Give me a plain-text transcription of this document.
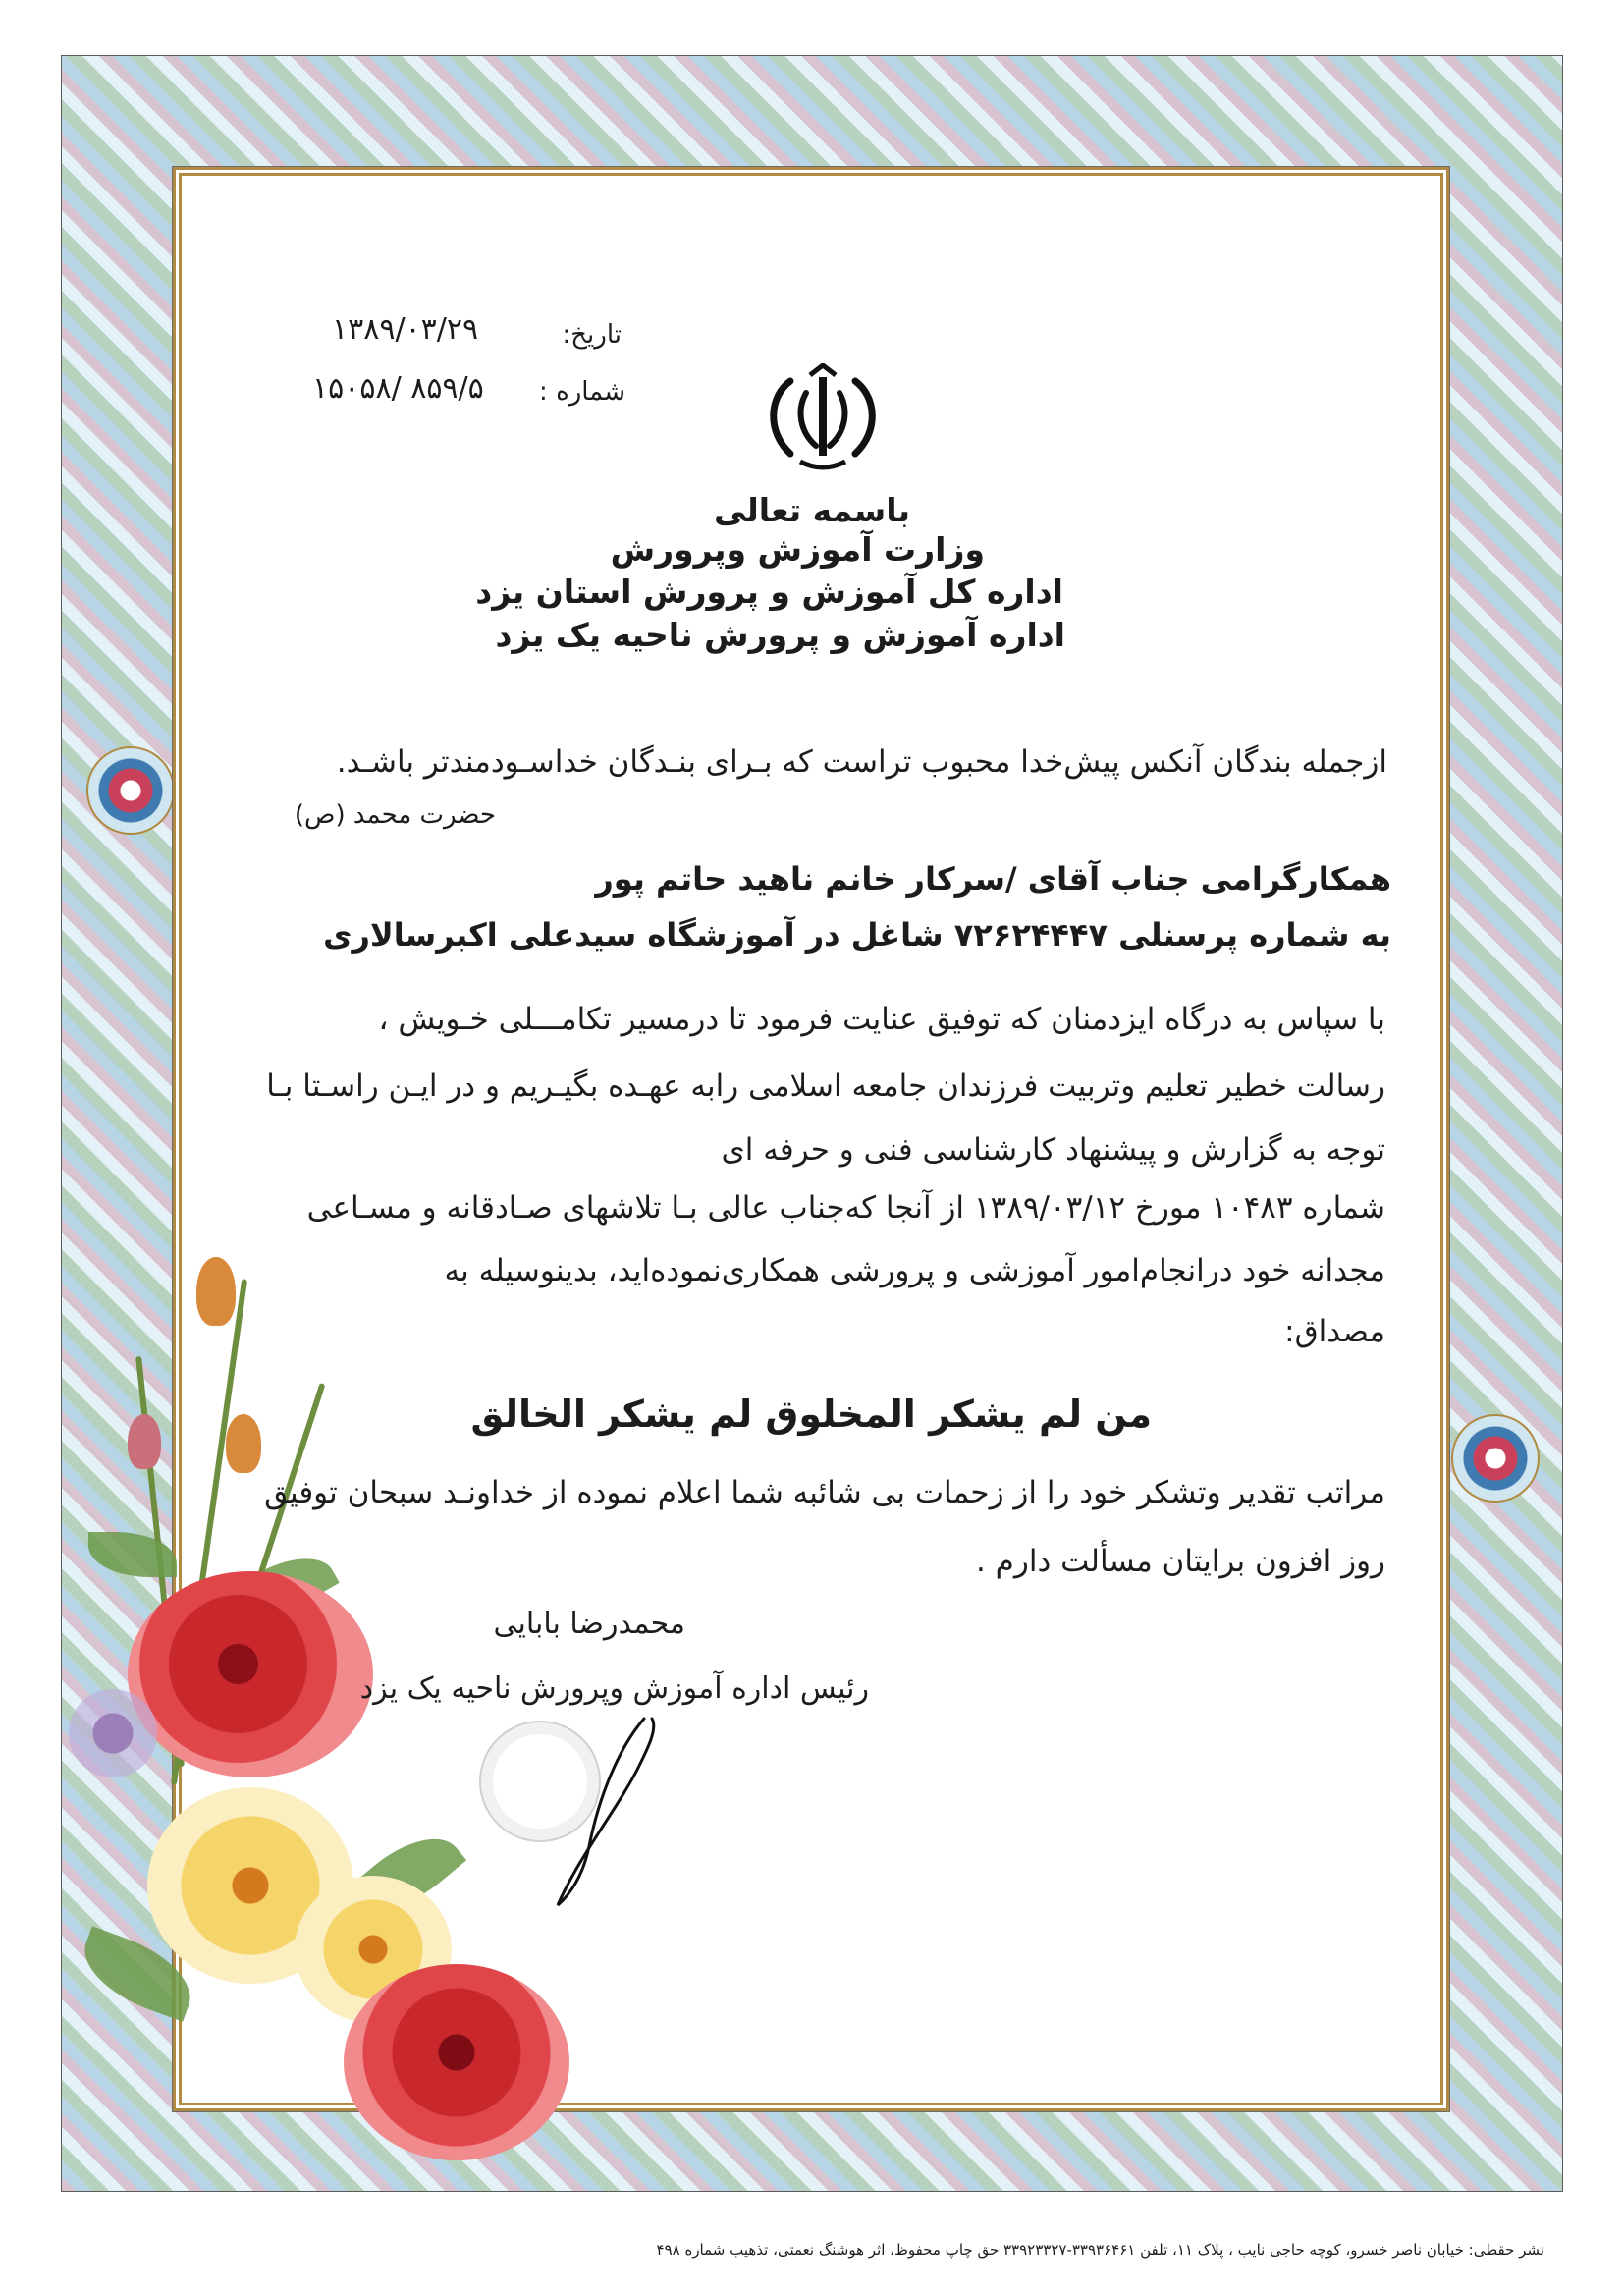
تاریخ:
۱۳۸۹/۰۳/۲۹
شماره :
۱۵۰۵۸/ ۸۵۹/۵
باسمه تعالی
وزارت آموزش وپرورش
اداره کل آموزش و پرورش استان یزد
اداره آموزش و پرورش ناحیه یک یزد
ازجمله بندگان آنکس پیش‌خدا محبوب تراست که بـرای بنـدگان خداسـودمندتر باشـد.
حضرت محمد (ص)
همکارگرامی جناب آقای /سرکار خانم ناهید حاتم پور
به شماره پرسنلی ۷۲۶۲۴۴۴۷ شاغل در آموزشگاه سیدعلی اکبرسالاری
با سپاس به درگاه ایزدمنان که توفیق عنایت فرمود تا درمسیر تکامـــلی خـویش ،
رسالت خطیر تعلیم وتربیت فرزندان جامعه اسلامی رابه عهـده بگیـریم و در ایـن راسـتا بـا
توجه به گزارش و پیشنهاد کارشناسی فنی و حرفه ای
شماره ۱۰۴۸۳ مورخ ۱۳۸۹/۰۳/۱۲ از آنجا که‌جناب عالی بـا تلاشهای صـادقانه و مسـاعی
مجدانه خود درانجام‌امور آموزشی و پرورشی همکاری‌نموده‌اید، بدینوسیله به
مصداق:
من لم یشکر المخلوق لم یشکر الخالق
مراتب تقدیر وتشکر خود را از زحمات بی شائبه شما اعلام نموده از خداونـد سبحان توفیق
روز افزون برایتان مسألت دارم .
محمدرضا بابایی
رئیس اداره آموزش وپرورش ناحیه یک یزد
نشر حقطی: خیابان ناصر خسرو، کوچه حاجی نایب ، پلاک ۱۱، تلفن ۳۳۹۳۶۴۶۱-۳۳۹۲۳۳۲۷ حق چاپ محفوظ، اثر هوشنگ نعمتی، تذهیب شماره ۴۹۸
